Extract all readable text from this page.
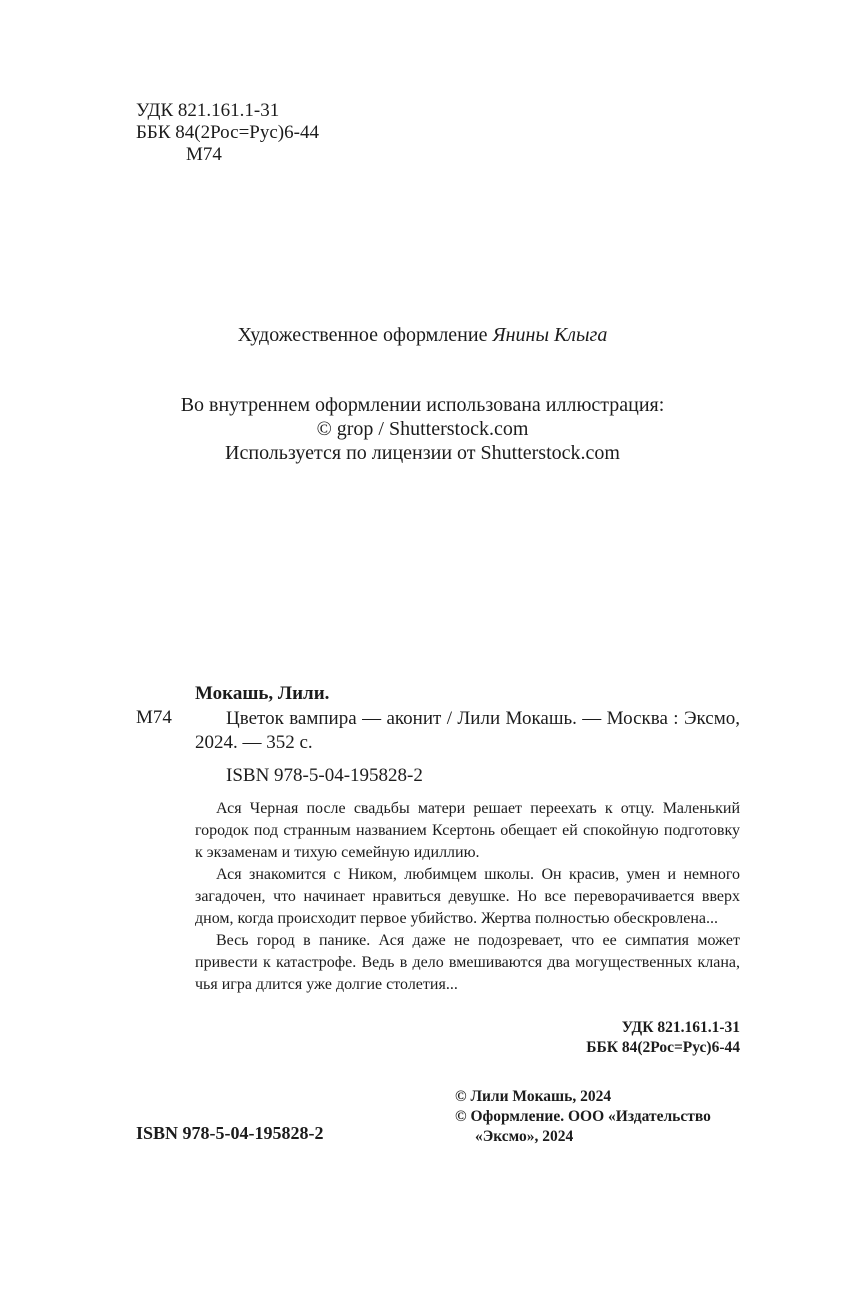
УДК 821.161.1-31
ББК 84(2Рос=Рус)6-44
М74
Художественное оформление Янины Клыга
Во внутреннем оформлении использована иллюстрация:
© grop / Shutterstock.com
Используется по лицензии от Shutterstock.com
Мокашь, Лили.
М74	Цветок вампира — аконит / Лили Мокашь. — Москва : Эксмо, 2024. — 352 с.
ISBN 978-5-04-195828-2

Ася Черная после свадьбы матери решает переехать к отцу. Маленький городок под странным названием Ксертонь обещает ей спокойную подготовку к экзаменам и тихую семейную идиллию.

Ася знакомится с Ником, любимцем школы. Он красив, умен и немного загадочен, что начинает нравиться девушке. Но все переворачивается вверх дном, когда происходит первое убийство. Жертва полностью обескровлена...

Весь город в панике. Ася даже не подозревает, что ее симпатия может привести к катастрофе. Ведь в дело вмешиваются два могущественных клана, чья игра длится уже долгие столетия...

УДК 821.161.1-31
ББК 84(2Рос=Рус)6-44
© Лили Мокашь, 2024
© Оформление. ООО «Издательство
«Эксмо», 2024
ISBN 978-5-04-195828-2
